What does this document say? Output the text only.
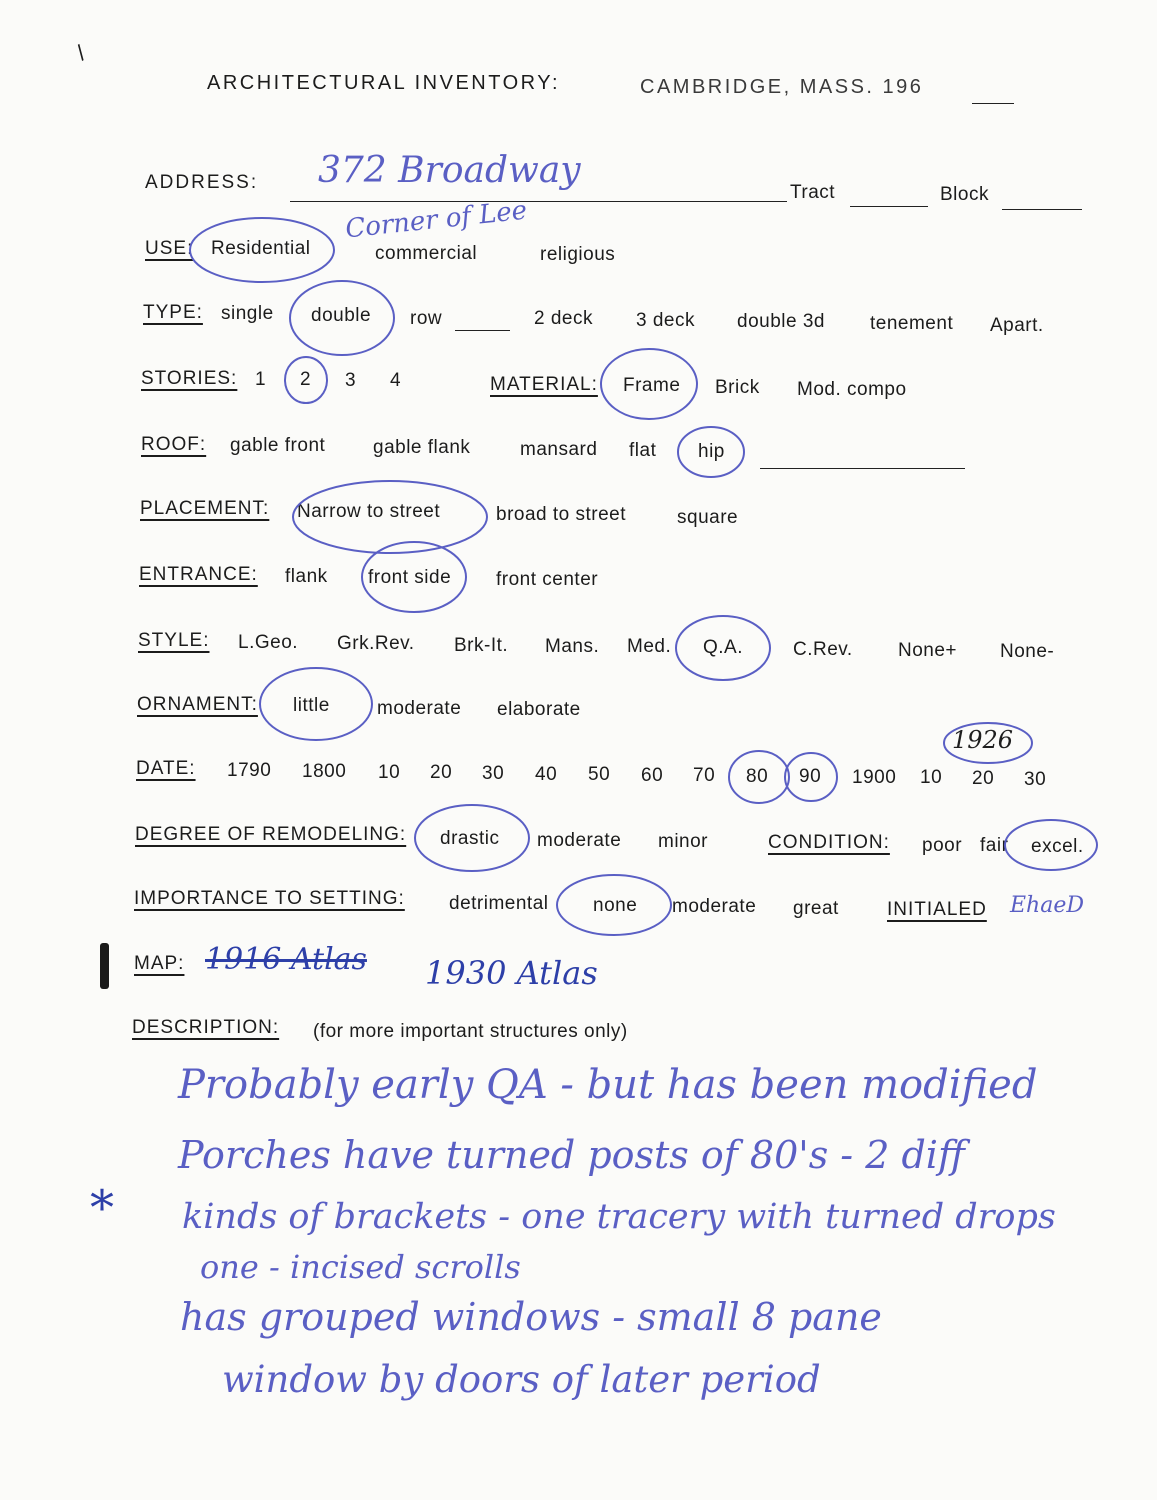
ARCHITECTURAL INVENTORY:	CAMBRIDGE, MASS. 196
/
ADDRESS: 372 Broadway
Corner of Lee
Tract	Block
USE: Residential	commercial	religious
TYPE: single double row	2 deck 3 deck double 3d tenement Apart.
STORIES: 1 2 3 4	MATERIAL: Frame Brick Mod. compo
ROOF: gable front	gable flank	mansard flat hip
PLACEMENT: Narrow to street	broad to street	square
ENTRANCE: flank front side front center
STYLE: L.Geo. Grk.Rev. Brk-It. Mans. Med. Q.A.	C.Rev. None+ None-
ORNAMENT: little moderate elaborate
DATE: 1790 1800 10 20 30 40 50 60 70 80 90 1900 10 20 30
1926
DEGREE OF REMODELING: drastic moderate minor	CONDITION: poor fair excel.
IMPORTANCE TO SETTING: detrimental none moderate great	INITIALED EhaeD
MAP: 1916 Atlas 1930 Atlas
DESCRIPTION: (for more important structures only)
*
Probably early QA - but has been modified
Porches have turned posts of 80's - 2 diff
kinds of brackets - one tracery with turned drops
one - incised scrolls
has grouped windows - small 8 pane
window by doors of later period
